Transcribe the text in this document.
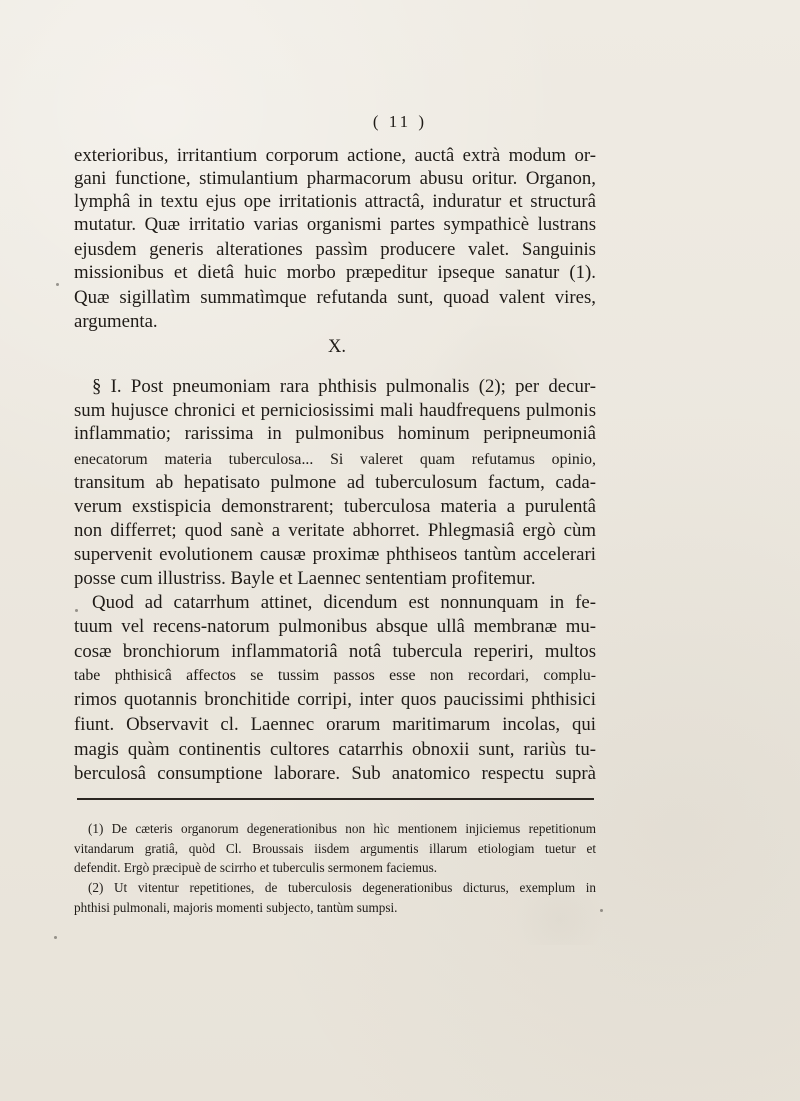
( 11 )
exterioribus, irritantium corporum actione, auctâ extrà modum or-
gani functione, stimulantium pharmacorum abusu oritur. Organon,
lymphâ in textu ejus ope irritationis attractâ, induratur et structurâ
mutatur. Quæ irritatio varias organismi partes sympathicè lustrans
ejusdem generis alterationes passìm producere valet. Sanguinis
missionibus et dietâ huic morbo præpeditur ipseque sanatur (1).
Quæ sigillatìm summatìmque refutanda sunt, quoad valent vires,
argumenta.
X.
§ I. Post pneumoniam rara phthisis pulmonalis (2); per decur-
sum hujusce chronici et perniciosissimi mali haudfrequens pulmonis
inflammatio; rarissima in pulmonibus hominum peripneumoniâ
enecatorum materia tuberculosa... Si valeret quam refutamus opinio,
transitum ab hepatisato pulmone ad tuberculosum factum, cada-
verum exstispicia demonstrarent; tuberculosa materia a purulentâ
non differret; quod sanè a veritate abhorret. Phlegmasiâ ergò cùm
supervenit evolutionem causæ proximæ phthiseos tantùm accelerari
posse cum illustriss. Bayle et Laennec sententiam profitemur.
Quod ad catarrhum attinet, dicendum est nonnunquam in fe-
tuum vel recens-natorum pulmonibus absque ullâ membranæ mu-
cosæ bronchiorum inflammatoriâ notâ tubercula reperiri, multos
tabe phthisicâ affectos se tussim passos esse non recordari, complu-
rimos quotannis bronchitide corripi, inter quos paucissimi phthisici
fiunt. Observavit cl. Laennec orarum maritimarum incolas, qui
magis quàm continentis cultores catarrhis obnoxii sunt, rariùs tu-
berculosâ consumptione laborare. Sub anatomico respectu suprà
(1) De cæteris organorum degenerationibus non hìc mentionem injiciemus repetitionum
vitandarum gratiâ, quòd Cl. Broussais iisdem argumentis illarum etiologiam tuetur et
defendit. Ergò præcipuè de scirrho et tuberculis sermonem faciemus.
(2) Ut vitentur repetitiones, de tuberculosis degenerationibus dicturus, exemplum in
phthisi pulmonali, majoris momenti subjecto, tantùm sumpsi.
